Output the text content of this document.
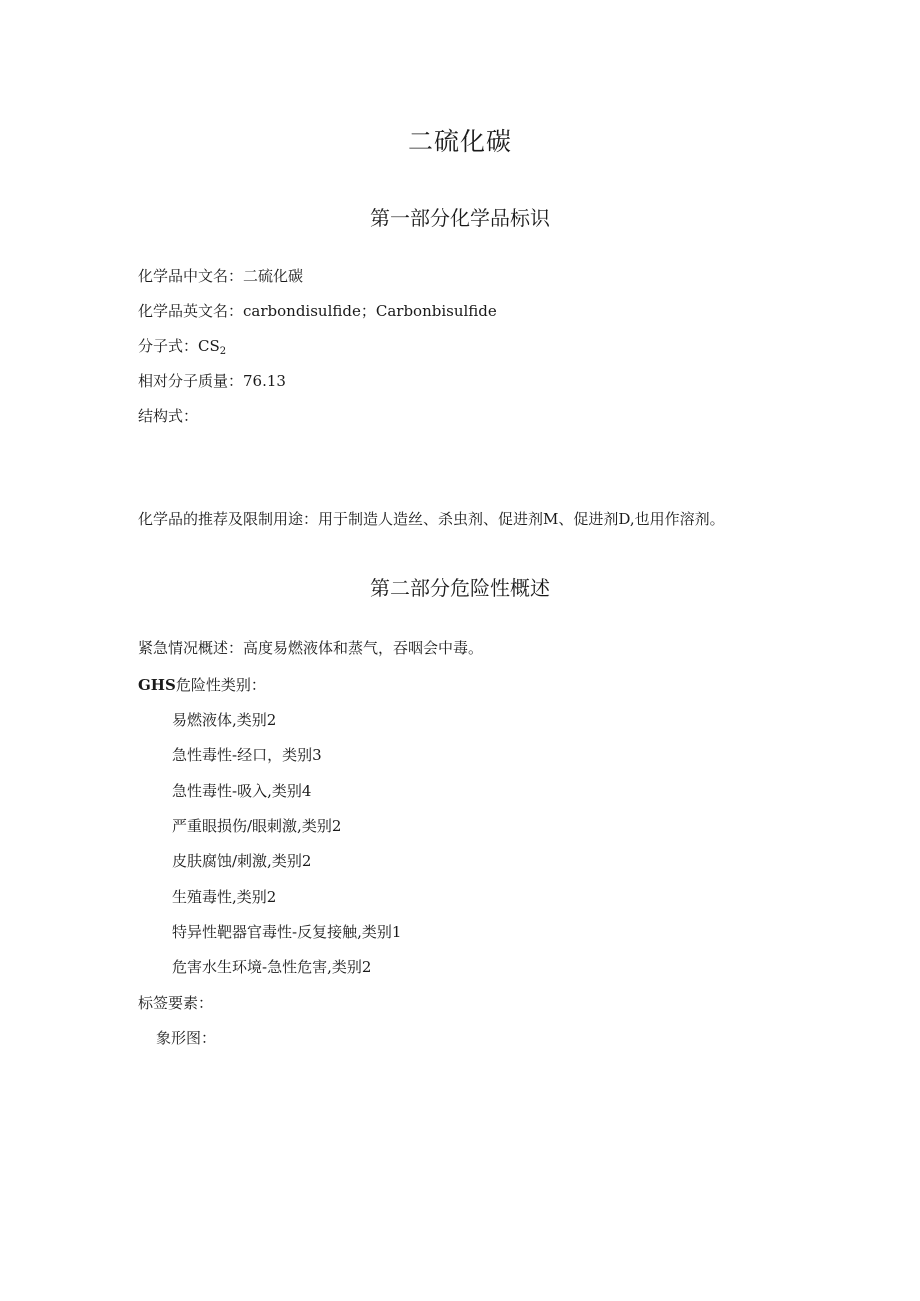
二硫化碳
第一部分化学品标识
化学品中文名：二硫化碳
化学品英文名：carbondisulfide；Carbonbisulfide
分子式：$CS_2$
相对分子质量：76.13
结构式：
化学品的推荐及限制用途：用于制造人造丝、杀虫剂、促进剂M、促进剂D,也用作溶剂。
第二部分危险性概述
紧急情况概述：高度易燃液体和蒸气，吞咽会中毒。
GHS危险性类别：
易燃液体,类别2
急性毒性-经口，类别3
急性毒性-吸入,类别4
严重眼损伤/眼刺激,类别2
皮肤腐蚀/刺激,类别2
生殖毒性,类别2
特异性靶器官毒性-反复接触,类别1
危害水生环境-急性危害,类别2
标签要素：
象形图：
